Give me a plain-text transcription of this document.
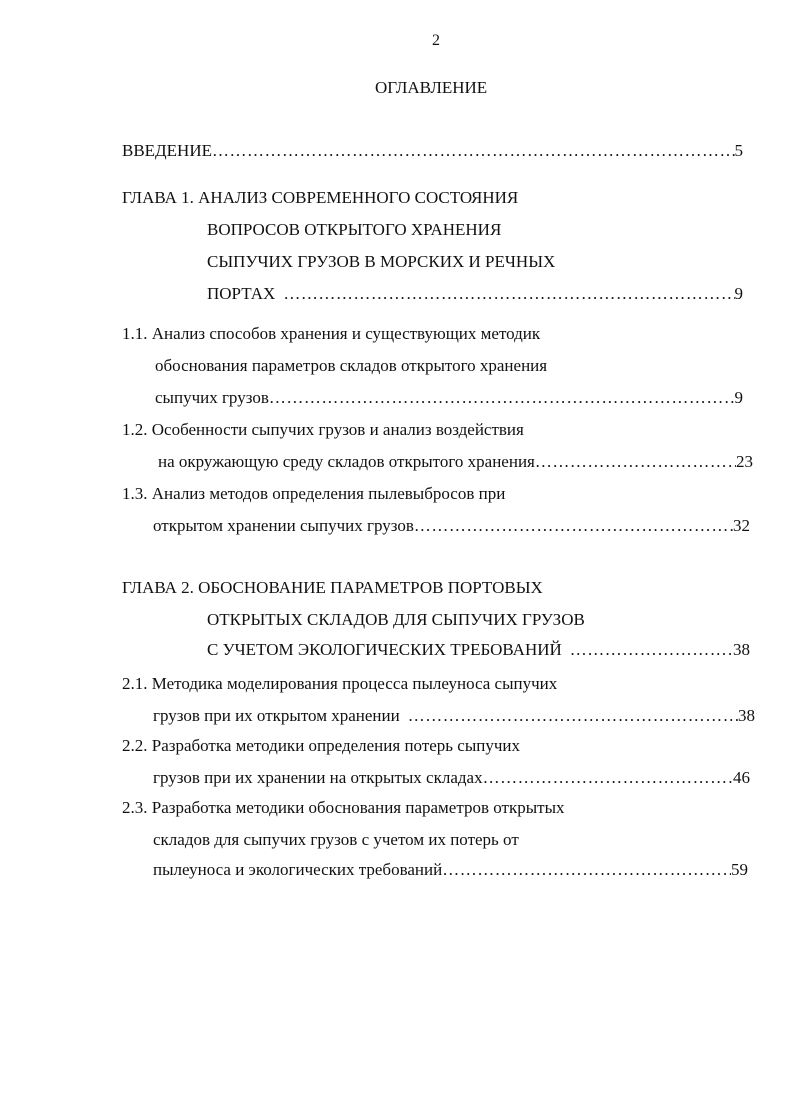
2
ОГЛАВЛЕНИЕ
ВВЕДЕНИЕ …………………………………………………………………………………………………………………………………………………………………………………………………………………	5
ГЛАВА 1. АНАЛИЗ СОВРЕМЕННОГО СОСТОЯНИЯ
ВОПРОСОВ ОТКРЫТОГО ХРАНЕНИЯ
СЫПУЧИХ ГРУЗОВ В МОРСКИХ И РЕЧНЫХ
ПОРТАХ …………………………………………………………………………………………………………………………………………………………………………………………………………………	9
1.1. Анализ способов хранения и существующих методик
обоснования параметров складов открытого хранения
сыпучих грузов …………………………………………………………………………………………………………………………………………………………………………………………………………………	9
1.2. Особенности сыпучих грузов и анализ воздействия
на окружающую среду складов открытого хранения …………………………………………………………………………………………………………………………………………………………………………………………………………………	23
1.3. Анализ методов определения пылевыбросов при
открытом хранении сыпучих грузов …………………………………………………………………………………………………………………………………………………………………………………………………………………	32
ГЛАВА 2. ОБОСНОВАНИЕ ПАРАМЕТРОВ ПОРТОВЫХ
ОТКРЫТЫХ СКЛАДОВ ДЛЯ СЫПУЧИХ ГРУЗОВ
С УЧЕТОМ ЭКОЛОГИЧЕСКИХ ТРЕБОВАНИЙ …………………………………………………………………………………………………………………………………………………………………………………………………………………	38
2.1. Методика моделирования процесса пылеуноса сыпучих
грузов при их открытом хранении …………………………………………………………………………………………………………………………………………………………………………………………………………………	38
2.2. Разработка методики определения потерь сыпучих
грузов при их хранении на открытых складах …………………………………………………………………………………………………………………………………………………………………………………………………………………	46
2.3. Разработка методики обоснования параметров открытых
складов для сыпучих грузов с учетом их потерь от
пылеуноса и экологических требований …………………………………………………………………………………………………………………………………………………………………………………………………………………	59
